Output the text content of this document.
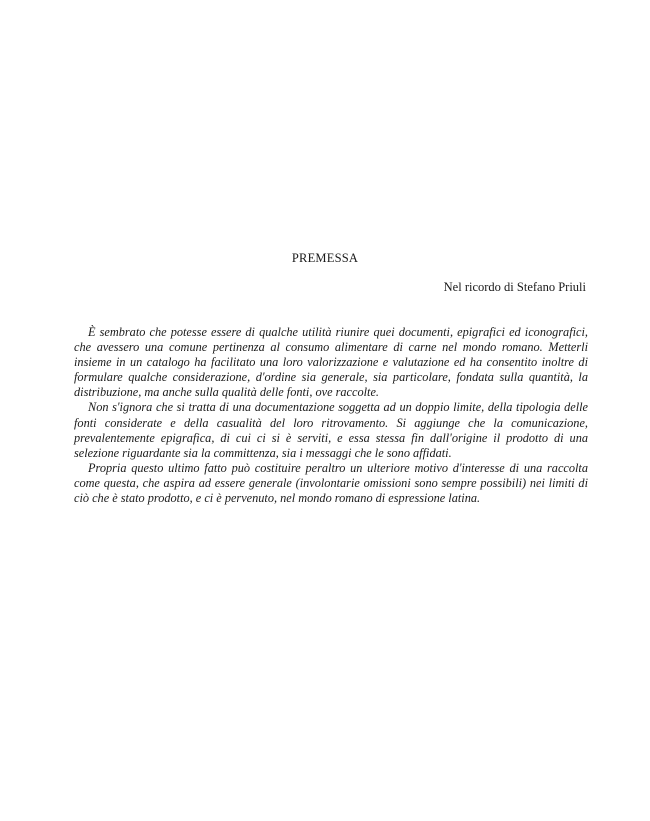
PREMESSA
Nel ricordo di Stefano Priuli

È sembrato che potesse essere di qualche utilità riunire quei documenti, epigrafici ed iconografici, che avessero una comune pertinenza al consumo alimentare di carne nel mondo romano. Metterli insieme in un catalogo ha facilitato una loro valorizzazione e valutazione ed ha consentito inoltre di formulare qualche considerazione, d'ordine sia generale, sia particolare, fondata sulla quantità, la distribuzione, ma anche sulla qualità delle fonti, ove raccolte.

Non s'ignora che si tratta di una documentazione soggetta ad un doppio limite, della tipologia delle fonti considerate e della casualità del loro ritrovamento. Si aggiunge che la comunicazione, prevalentemente epigrafica, di cui ci si è serviti, e essa stessa fin dall'origine il prodotto di una selezione riguardante sia la committenza, sia i messaggi che le sono affidati.

Propria questo ultimo fatto può costituire peraltro un ulteriore motivo d'interesse di una raccolta come questa, che aspira ad essere generale (involontarie omissioni sono sempre possibili) nei limiti di ciò che è stato prodotto, e ci è pervenuto, nel mondo romano di espressione latina.
